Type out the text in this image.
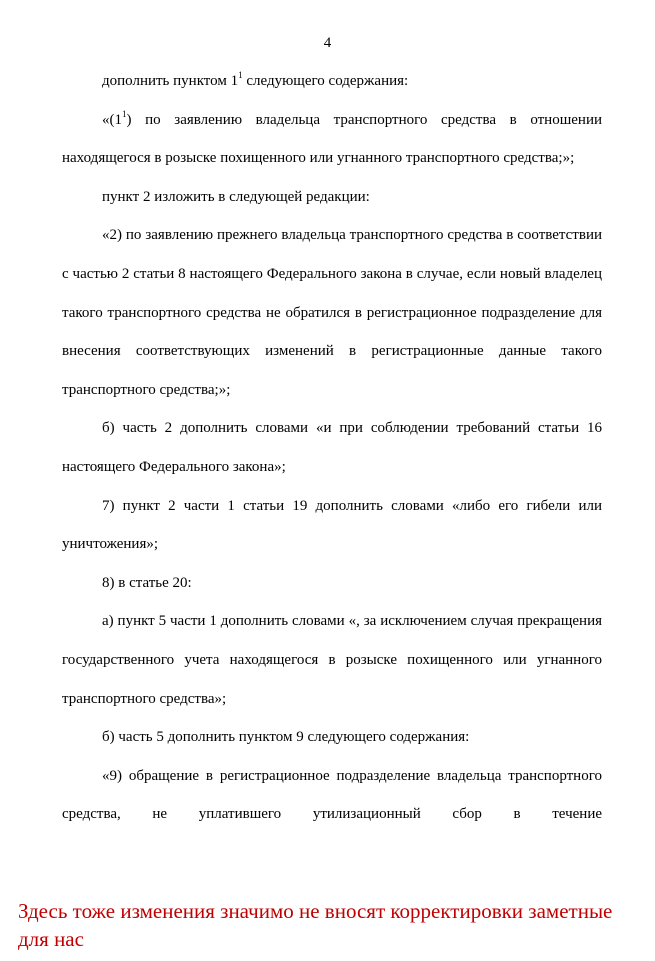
4

дополнить пунктом $1^1$ следующего содержания:

«$(1^1)$ по заявлению владельца транспортного средства в отношении находящегося в розыске похищенного или угнанного транспортного средства;»;

пункт 2 изложить в следующей редакции:

«2) по заявлению прежнего владельца транспортного средства в соответствии с частью 2 статьи 8 настоящего Федерального закона в случае, если новый владелец такого транспортного средства не обратился в регистрационное подразделение для внесения соответствующих изменений в регистрационные данные такого транспортного средства;»;

б) часть 2 дополнить словами «и при соблюдении требований статьи 16 настоящего Федерального закона»;

7) пункт 2 части 1 статьи 19 дополнить словами «либо его гибели или уничтожения»;

8) в статье 20:

а) пункт 5 части 1 дополнить словами «, за исключением случая прекращения государственного учета находящегося в розыске похищенного или угнанного транспортного средства»;

б) часть 5 дополнить пунктом 9 следующего содержания:

«9) обращение в регистрационное подразделение владельца транспортного средства, не уплатившего утилизационный сбор в течение

Здесь тоже изменения значимо не вносят корректировки заметные для нас
